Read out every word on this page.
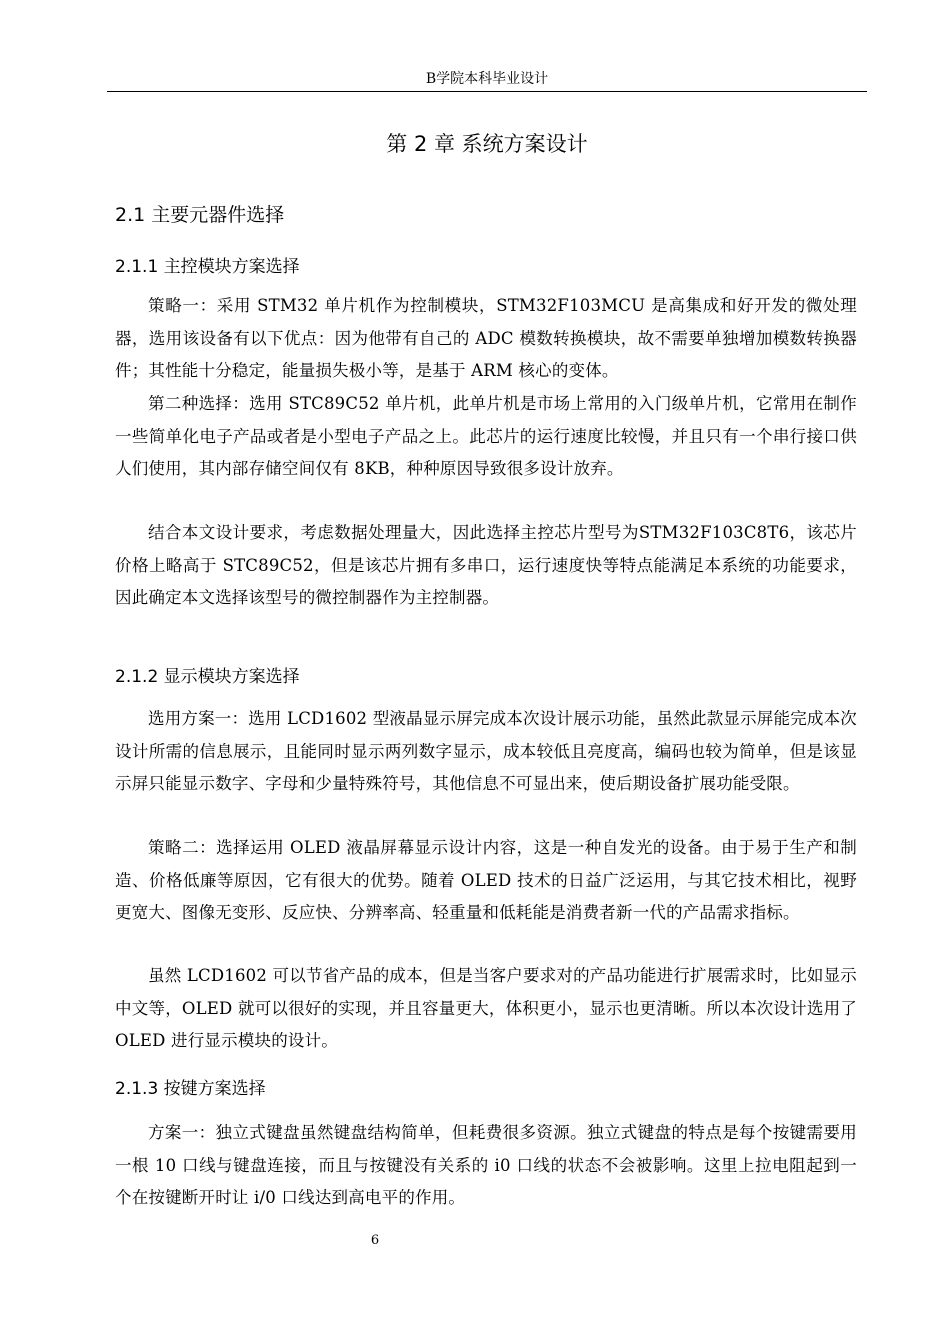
B学院本科毕业设计
第 2 章 系统方案设计
2.1 主要元器件选择
2.1.1 主控模块方案选择

策略一：采用 STM32 单片机作为控制模块，STM32F103MCU 是高集成和好开发的微处理器，选用该设备有以下优点：因为他带有自己的 ADC 模数转换模块，故不需要单独增加模数转换器件；其性能十分稳定，能量损失极小等，是基于 ARM 核心的变体。

第二种选择：选用 STC89C52 单片机，此单片机是市场上常用的入门级单片机，它常用在制作一些简单化电子产品或者是小型电子产品之上。此芯片的运行速度比较慢，并且只有一个串行接口供人们使用，其内部存储空间仅有 8KB，种种原因导致很多设计放弃。

结合本文设计要求，考虑数据处理量大，因此选择主控芯片型号为STM32F103C8T6，该芯片价格上略高于 STC89C52，但是该芯片拥有多串口，运行速度快等特点能满足本系统的功能要求，因此确定本文选择该型号的微控制器作为主控制器。

2.1.2 显示模块方案选择

选用方案一：选用 LCD1602 型液晶显示屏完成本次设计展示功能，虽然此款显示屏能完成本次设计所需的信息展示，且能同时显示两列数字显示，成本较低且亮度高，编码也较为简单，但是该显示屏只能显示数字、字母和少量特殊符号，其他信息不可显出来，使后期设备扩展功能受限。

策略二：选择运用 OLED 液晶屏幕显示设计内容，这是一种自发光的设备。由于易于生产和制造、价格低廉等原因，它有很大的优势。随着 OLED 技术的日益广泛运用，与其它技术相比，视野更宽大、图像无变形、反应快、分辨率高、轻重量和低耗能是消费者新一代的产品需求指标。

虽然 LCD1602 可以节省产品的成本，但是当客户要求对的产品功能进行扩展需求时，比如显示中文等，OLED 就可以很好的实现，并且容量更大，体积更小，显示也更清晰。所以本次设计选用了 OLED 进行显示模块的设计。

2.1.3 按键方案选择

方案一：独立式键盘虽然键盘结构简单，但耗费很多资源。独立式键盘的特点是每个按键需要用一根 10 口线与键盘连接，而且与按键没有关系的 i0 口线的状态不会被影响。这里上拉电阻起到一个在按键断开时让 i/0 口线达到高电平的作用。

6
